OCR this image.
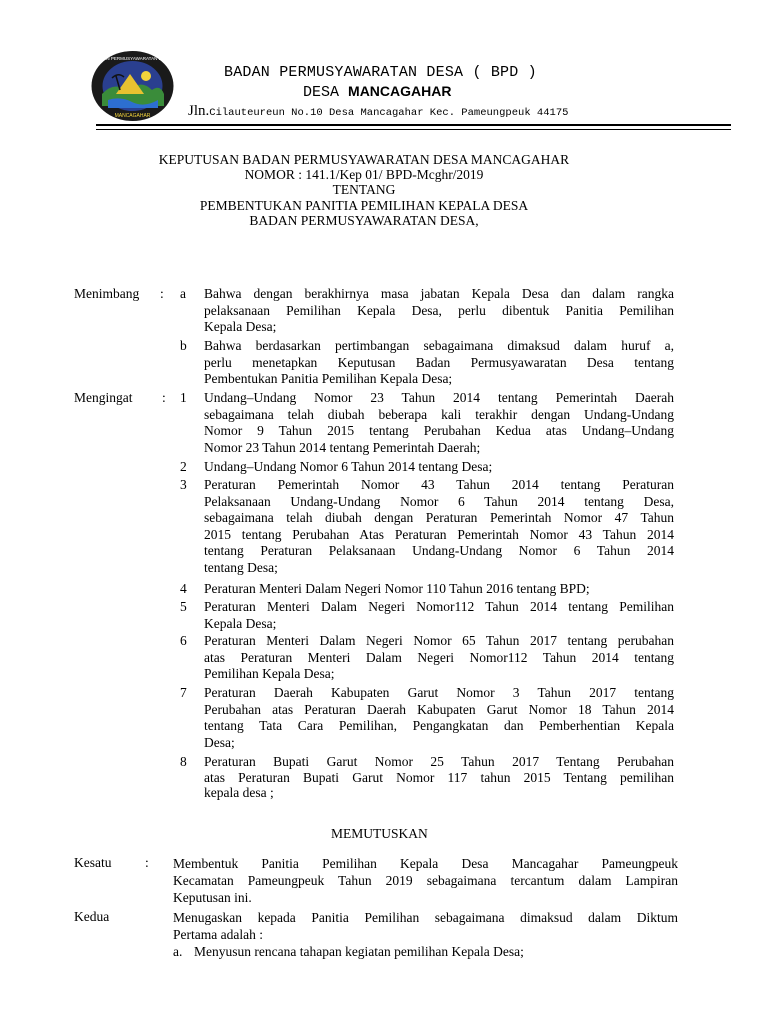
BADAN PERMUSYAWARATAN DESA
MANCAGAHAR
BADAN PERMUSYAWARATAN DESA ( BPD )
DESA MANCAGAHAR
Jln.Cilauteureun No.10 Desa Mancagahar Kec. Pameungpeuk 44175
KEPUTUSAN BADAN PERMUSYAWARATAN DESA MANCAGAHAR
NOMOR : 141.1/Kep 01/ BPD-Mcghr/2019
TENTANG
PEMBENTUKAN PANITIA PEMILIHAN KEPALA DESA
BADAN PERMUSYAWARATAN DESA,
Menimbang : a Bahwa dengan berakhirnya masa jabatan Kepala Desa dan dalam rangka
pelaksanaan Pemilihan Kepala Desa, perlu dibentuk Panitia Pemilihan
Kepala Desa;
b Bahwa berdasarkan pertimbangan sebagaimana dimaksud dalam huruf a,
perlu menetapkan Keputusan Badan Permusyawaratan Desa tentang
Pembentukan Panitia Pemilihan Kepala Desa;
Mengingat : 1 Undang–Undang Nomor 23 Tahun 2014 tentang Pemerintah Daerah
sebagaimana telah diubah beberapa kali terakhir dengan Undang-Undang
Nomor 9 Tahun 2015 tentang Perubahan Kedua atas Undang–Undang
Nomor 23 Tahun 2014 tentang Pemerintah Daerah;
2 Undang–Undang Nomor 6 Tahun 2014 tentang Desa;
3 Peraturan Pemerintah Nomor 43 Tahun 2014 tentang Peraturan
Pelaksanaan Undang-Undang Nomor 6 Tahun 2014 tentang Desa,
sebagaimana telah diubah dengan Peraturan Pemerintah Nomor 47 Tahun
2015 tentang Perubahan Atas Peraturan Pemerintah Nomor 43 Tahun 2014
tentang Peraturan Pelaksanaan Undang-Undang Nomor 6 Tahun 2014
tentang Desa;
4 Peraturan Menteri Dalam Negeri Nomor 110 Tahun 2016 tentang BPD;
5 Peraturan Menteri Dalam Negeri Nomor112 Tahun 2014 tentang Pemilihan
Kepala Desa;
6 Peraturan Menteri Dalam Negeri Nomor 65 Tahun 2017 tentang perubahan
atas Peraturan Menteri Dalam Negeri Nomor112 Tahun 2014 tentang
Pemilihan Kepala Desa;
7 Peraturan Daerah Kabupaten Garut Nomor 3 Tahun 2017 tentang
Perubahan atas Peraturan Daerah Kabupaten Garut Nomor 18 Tahun 2014
tentang Tata Cara Pemilihan, Pengangkatan dan Pemberhentian Kepala
Desa;
8 Peraturan Bupati Garut Nomor 25 Tahun 2017 Tentang Perubahan
atas Peraturan Bupati Garut Nomor 117 tahun 2015 Tentang pemilihan
kepala desa ;
MEMUTUSKAN
Kesatu : Membentuk Panitia Pemilihan Kepala Desa Mancagahar Pameungpeuk
Kecamatan Pameungpeuk Tahun 2019 sebagaimana tercantum dalam Lampiran
Keputusan ini.
Kedua	Menugaskan kepada Panitia Pemilihan sebagaimana dimaksud dalam Diktum
Pertama adalah :
a. Menyusun rencana tahapan kegiatan pemilihan Kepala Desa;
